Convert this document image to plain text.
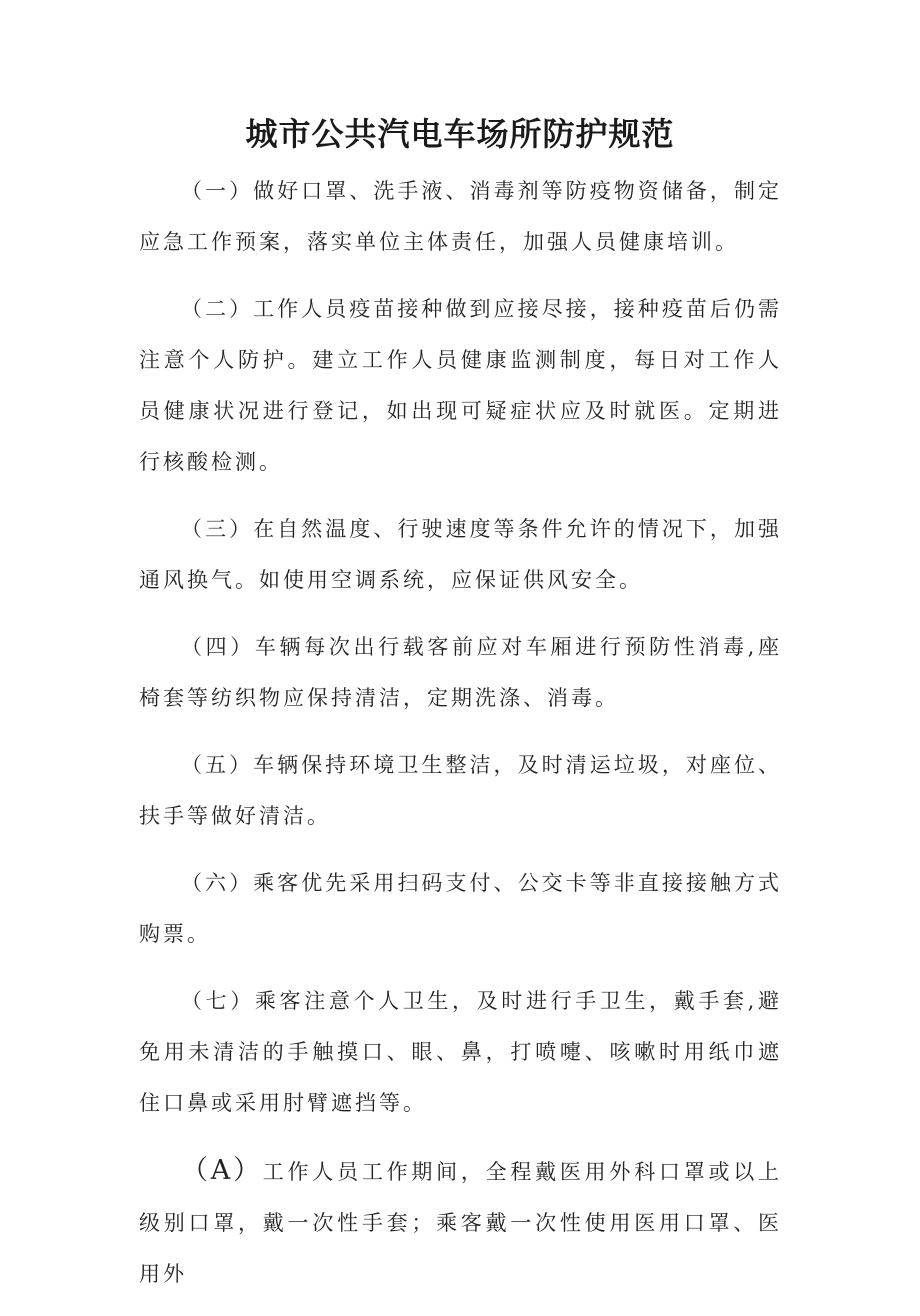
城市公共汽电车场所防护规范

（一）做好口罩、洗手液、消毒剂等防疫物资储备，制定应急工作预案，落实单位主体责任，加强人员健康培训。

（二）工作人员疫苗接种做到应接尽接，接种疫苗后仍需注意个人防护。建立工作人员健康监测制度，每日对工作人员健康状况进行登记，如出现可疑症状应及时就医。定期进行核酸检测。

（三）在自然温度、行驶速度等条件允许的情况下，加强通风换气。如使用空调系统，应保证供风安全。

（四）车辆每次出行载客前应对车厢进行预防性消毒,座椅套等纺织物应保持清洁，定期洗涤、消毒。

（五）车辆保持环境卫生整洁，及时清运垃圾，对座位、扶手等做好清洁。

（六）乘客优先采用扫码支付、公交卡等非直接接触方式购票。

（七）乘客注意个人卫生，及时进行手卫生，戴手套,避免用未清洁的手触摸口、眼、鼻，打喷嚏、咳嗽时用纸巾遮住口鼻或采用肘臂遮挡等。

（A）工作人员工作期间，全程戴医用外科口罩或以上级别口罩，戴一次性手套；乘客戴一次性使用医用口罩、医用外
